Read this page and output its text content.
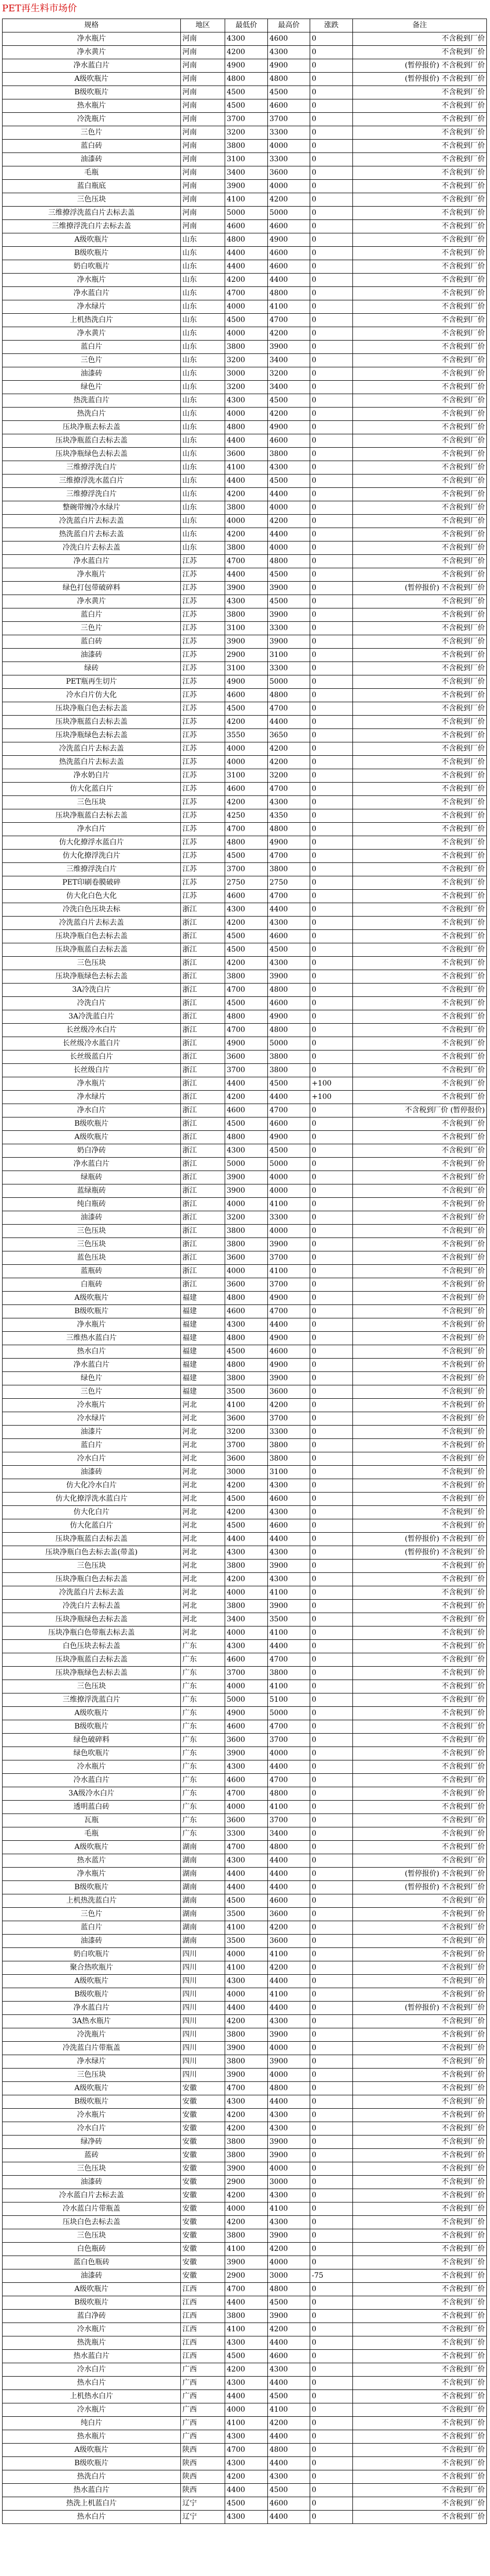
PET再生料市场价
规格	地区	最低价	最高价	涨跌	备注
净水瓶片	河南	4300	4600	0	不含税到厂价
净水黄片	河南	4200	4300	0	不含税到厂价
净水蓝白片	河南	4900	4900	0	(暂停报价) 不含税到厂价
A级吹瓶片	河南	4800	4800	0	(暂停报价) 不含税到厂价
B级吹瓶片	河南	4500	4500	0	不含税到厂价
热水瓶片	河南	4500	4600	0	不含税到厂价
冷洗瓶片	河南	3700	3700	0	不含税到厂价
三色片	河南	3200	3300	0	不含税到厂价
蓝白砖	河南	3800	4000	0	不含税到厂价
油漆砖	河南	3100	3300	0	不含税到厂价
毛瓶	河南	3400	3600	0	不含税到厂价
蓝白瓶底	河南	3900	4000	0	不含税到厂价
三色压块	河南	4100	4200	0	不含税到厂价
三维撩浮洗蓝白片去标去盖	河南	5000	5000	0	不含税到厂价
三维撩浮洗白片去标去盖	河南	4600	4600	0	不含税到厂价
A级吹瓶片	山东	4800	4900	0	不含税到厂价
B级吹瓶片	山东	4400	4600	0	不含税到厂价
奶白吹瓶片	山东	4400	4600	0	不含税到厂价
净水瓶片	山东	4200	4400	0	不含税到厂价
净水蓝白片	山东	4700	4800	0	不含税到厂价
净水绿片	山东	4000	4100	0	不含税到厂价
上机热洗白片	山东	4500	4700	0	不含税到厂价
净水黄片	山东	4000	4200	0	不含税到厂价
蓝白片	山东	3800	3900	0	不含税到厂价
三色片	山东	3200	3400	0	不含税到厂价
油漆砖	山东	3000	3200	0	不含税到厂价
绿色片	山东	3200	3400	0	不含税到厂价
热洗蓝白片	山东	4300	4500	0	不含税到厂价
热洗白片	山东	4000	4200	0	不含税到厂价
压块净瓶去标去盖	山东	4800	4900	0	不含税到厂价
压块净瓶蓝白去标去盖	山东	4400	4600	0	不含税到厂价
压块净瓶绿色去标去盖	山东	3600	3800	0	不含税到厂价
三维撩浮洗白片	山东	4100	4300	0	不含税到厂价
三维撩浮洗水蓝白片	山东	4400	4500	0	不含税到厂价
三维撩浮洗白片	山东	4200	4400	0	不含税到厂价
整碗带缠冷水绿片	山东	3800	4000	0	不含税到厂价
冷洗蓝白片去标去盖	山东	4000	4200	0	不含税到厂价
热洗蓝白片去标去盖	山东	4200	4400	0	不含税到厂价
冷洗白片去标去盖	山东	3800	4000	0	不含税到厂价
净水蓝白片	江苏	4700	4800	0	不含税到厂价
净水瓶片	江苏	4400	4500	0	不含税到厂价
绿色打包带破碎料	江苏	3900	3900	0	(暂停报价) 不含税到厂价
净水黄片	江苏	4300	4500	0	不含税到厂价
蓝白片	江苏	3800	3900	0	不含税到厂价
三色片	江苏	3100	3300	0	不含税到厂价
蓝白砖	江苏	3900	3900	0	不含税到厂价
油漆砖	江苏	2900	3100	0	不含税到厂价
绿砖	江苏	3100	3300	0	不含税到厂价
PET瓶再生切片	江苏	4900	5000	0	不含税到厂价
冷水白片仿大化	江苏	4600	4800	0	不含税到厂价
压块净瓶白色去标去盖	江苏	4500	4700	0	不含税到厂价
压块净瓶蓝白去标去盖	江苏	4200	4400	0	不含税到厂价
压块净瓶绿色去标去盖	江苏	3550	3650	0	不含税到厂价
冷洗蓝白片去标去盖	江苏	4000	4200	0	不含税到厂价
热洗蓝白片去标去盖	江苏	4000	4200	0	不含税到厂价
净水奶白片	江苏	3100	3200	0	不含税到厂价
仿大化蓝白片	江苏	4600	4700	0	不含税到厂价
三色压块	江苏	4200	4300	0	不含税到厂价
压块净瓶蓝白去标去盖	江苏	4250	4350	0	不含税到厂价
净水白片	江苏	4700	4800	0	不含税到厂价
仿大化撩浮水蓝白片	江苏	4800	4900	0	不含税到厂价
仿大化撩浮洗白片	江苏	4500	4700	0	不含税到厂价
三维撩浮洗白片	江苏	3700	3800	0	不含税到厂价
PET印刷卷膜破碎	江苏	2750	2750	0	不含税到厂价
仿大化白色大化	江苏	4600	4700	0	不含税到厂价
冷洗白色压块去标	浙江	4300	4400	0	不含税到厂价
冷洗蓝白片去标去盖	浙江	4200	4300	0	不含税到厂价
压块净瓶白色去标去盖	浙江	4500	4600	0	不含税到厂价
压块净瓶蓝白去标去盖	浙江	4500	4500	0	不含税到厂价
三色压块	浙江	4200	4300	0	不含税到厂价
压块净瓶绿色去标去盖	浙江	3800	3900	0	不含税到厂价
3A冷洗白片	浙江	4700	4800	0	不含税到厂价
冷洗白片	浙江	4500	4600	0	不含税到厂价
3A冷洗蓝白片	浙江	4800	4900	0	不含税到厂价
长丝级冷水白片	浙江	4700	4800	0	不含税到厂价
长丝级冷水蓝白片	浙江	4900	5000	0	不含税到厂价
长丝级蓝白片	浙江	3600	3800	0	不含税到厂价
长丝级白片	浙江	3700	3800	0	不含税到厂价
净水瓶片	浙江	4400	4500	+100	不含税到厂价
净水绿片	浙江	4200	4400	+100	不含税到厂价
净水白片	浙江	4600	4700	0	不含税到厂价 (暂停报价)
B级吹瓶片	浙江	4500	4600	0	不含税到厂价
A级吹瓶片	浙江	4800	4900	0	不含税到厂价
奶白净砖	浙江	4300	4500	0	不含税到厂价
净水蓝白片	浙江	5000	5000	0	不含税到厂价
绿瓶砖	浙江	3900	4000	0	不含税到厂价
蓝绿瓶砖	浙江	3900	4000	0	不含税到厂价
纯白瓶砖	浙江	4000	4100	0	不含税到厂价
油漆砖	浙江	3200	3300	0	不含税到厂价
三色压块	浙江	3800	4000	0	不含税到厂价
三色压块	浙江	3800	3900	0	不含税到厂价
蓝色压块	浙江	3600	3700	0	不含税到厂价
蓝瓶砖	浙江	4000	4100	0	不含税到厂价
白瓶砖	浙江	3600	3700	0	不含税到厂价
A级吹瓶片	福建	4800	4900	0	不含税到厂价
B级吹瓶片	福建	4600	4700	0	不含税到厂价
净水瓶片	福建	4300	4400	0	不含税到厂价
三维热水蓝白片	福建	4800	4900	0	不含税到厂价
热水白片	福建	4500	4600	0	不含税到厂价
净水蓝白片	福建	4800	4900	0	不含税到厂价
绿色片	福建	3800	3900	0	不含税到厂价
三色片	福建	3500	3600	0	不含税到厂价
冷水瓶片	河北	4100	4200	0	不含税到厂价
冷水绿片	河北	3600	3700	0	不含税到厂价
油漆片	河北	3200	3300	0	不含税到厂价
蓝白片	河北	3700	3800	0	不含税到厂价
冷水白片	河北	3600	3800	0	不含税到厂价
油漆砖	河北	3000	3100	0	不含税到厂价
仿大化冷水白片	河北	4200	4300	0	不含税到厂价
仿大化撩浮洗水蓝白片	河北	4500	4600	0	不含税到厂价
仿大化白片	河北	4200	4300	0	不含税到厂价
仿大化蓝白片	河北	4500	4600	0	不含税到厂价
压块净瓶蓝白去标去盖	河北	4400	4400	0	(暂停报价) 不含税到厂价
压块净瓶白色去标去盖(带盖)	河北	4300	4300	0	(暂停报价) 不含税到厂价
三色压块	河北	3800	3900	0	不含税到厂价
压块净瓶白色去标去盖	河北	4200	4300	0	不含税到厂价
冷洗蓝白片去标去盖	河北	4000	4100	0	不含税到厂价
冷洗白片去标去盖	河北	3800	3900	0	不含税到厂价
压块净瓶绿色去标去盖	河北	3400	3500	0	不含税到厂价
压块净瓶白色带瓶去标去盖	河北	4000	4100	0	不含税到厂价
白色压块去标去盖	广东	4300	4400	0	不含税到厂价
压块净瓶蓝白去标去盖	广东	4600	4700	0	不含税到厂价
压块净瓶绿色去标去盖	广东	3700	3800	0	不含税到厂价
三色压块	广东	4000	4100	0	不含税到厂价
三维撩浮洗蓝白片	广东	5000	5100	0	不含税到厂价
A级吹瓶片	广东	4900	5000	0	不含税到厂价
B级吹瓶片	广东	4600	4700	0	不含税到厂价
绿色破碎料	广东	3600	3700	0	不含税到厂价
绿色吹瓶片	广东	3900	4000	0	不含税到厂价
冷水瓶片	广东	4300	4400	0	不含税到厂价
冷水蓝白片	广东	4600	4700	0	不含税到厂价
3A级冷水白片	广东	4700	4800	0	不含税到厂价
透明蓝白砖	广东	4000	4100	0	不含税到厂价
瓦瓶	广东	3600	3700	0	不含税到厂价
毛瓶	广东	3300	3400	0	不含税到厂价
A级吹瓶片	湖南	4700	4800	0	不含税到厂价
热水蓝片	湖南	4300	4400	0	不含税到厂价
净水瓶片	湖南	4400	4400	0	(暂停报价) 不含税到厂价
B级吹瓶片	湖南	4400	4400	0	(暂停报价) 不含税到厂价
上机热洗蓝白片	湖南	4500	4600	0	不含税到厂价
三色片	湖南	3500	3600	0	不含税到厂价
蓝白片	湖南	4100	4200	0	不含税到厂价
油漆砖	湖南	3500	3600	0	不含税到厂价
奶白吹瓶片	四川	4000	4100	0	不含税到厂价
聚合热吹瓶片	四川	4100	4200	0	不含税到厂价
A级吹瓶片	四川	4300	4400	0	不含税到厂价
B级吹瓶片	四川	4000	4100	0	不含税到厂价
净水蓝白片	四川	4400	4400	0	(暂停报价) 不含税到厂价
3A热水瓶片	四川	4200	4300	0	不含税到厂价
冷洗瓶片	四川	3800	3900	0	不含税到厂价
冷洗蓝白片带瓶盖	四川	3900	4000	0	不含税到厂价
净水绿片	四川	3800	3900	0	不含税到厂价
三色压块	四川	3900	4000	0	不含税到厂价
A级吹瓶片	安徽	4700	4800	0	不含税到厂价
B级吹瓶片	安徽	4300	4400	0	不含税到厂价
冷水瓶片	安徽	4200	4300	0	不含税到厂价
冷水白片	安徽	4200	4300	0	不含税到厂价
绿净砖	安徽	3800	3900	0	不含税到厂价
蓝砖	安徽	3800	3900	0	不含税到厂价
三色压块	安徽	3900	4000	0	不含税到厂价
油漆砖	安徽	2900	3000	0	不含税到厂价
冷水蓝白片去标去盖	安徽	4200	4300	0	不含税到厂价
冷水蓝白片带瓶盖	安徽	4000	4100	0	不含税到厂价
压块白色去标去盖	安徽	4200	4300	0	不含税到厂价
三色压块	安徽	3800	3900	0	不含税到厂价
白色瓶砖	安徽	4100	4200	0	不含税到厂价
蓝白色瓶砖	安徽	3900	4000	0	不含税到厂价
油漆砖	安徽	2900	3000	-75	不含税到厂价
A级吹瓶片	江西	4700	4800	0	不含税到厂价
B级吹瓶片	江西	4400	4500	0	不含税到厂价
蓝白净砖	江西	3800	3900	0	不含税到厂价
冷水瓶片	江西	4100	4200	0	不含税到厂价
热洗瓶片	江西	4300	4400	0	不含税到厂价
热水蓝白片	江西	4500	4600	0	不含税到厂价
冷水白片	广西	4200	4300	0	不含税到厂价
热水白片	广西	4300	4400	0	不含税到厂价
上机热水白片	广西	4400	4500	0	不含税到厂价
冷水瓶片	广西	4000	4100	0	不含税到厂价
纯白片	广西	4100	4200	0	不含税到厂价
热水瓶片	广西	4300	4400	0	不含税到厂价
A级吹瓶片	陕西	4700	4800	0	不含税到厂价
B级吹瓶片	陕西	4300	4400	0	不含税到厂价
热洗白片	陕西	4200	4300	0	不含税到厂价
热水蓝白片	陕西	4400	4500	0	不含税到厂价
热洗上机蓝白片	辽宁	4500	4600	0	不含税到厂价
热水白片	辽宁	4300	4400	0	不含税到厂价
